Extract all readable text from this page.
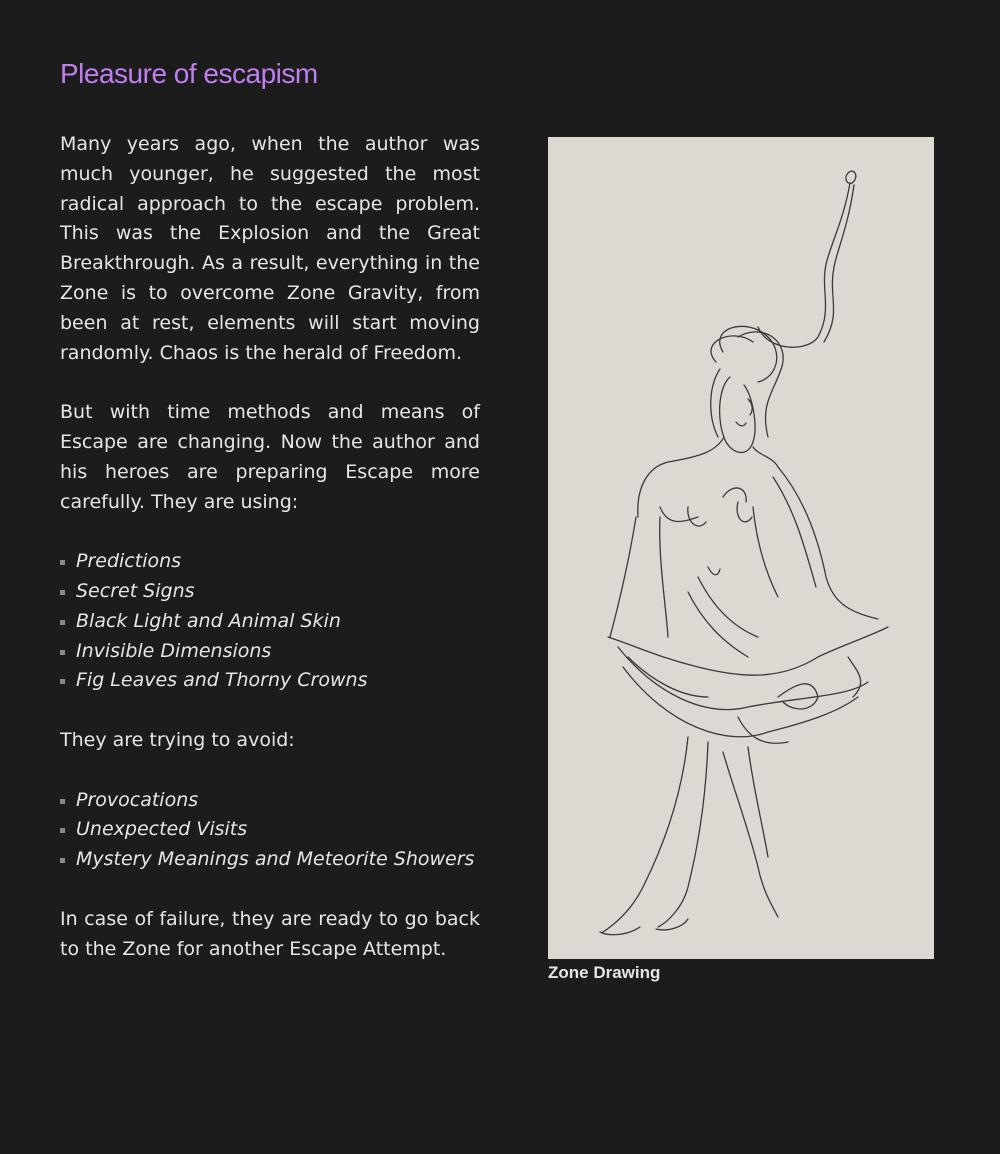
Pleasure of escapism

Many years ago, when the author was much younger, he suggested the most radical approach to the escape problem. This was the Explosion and the Great Breakthrough. As a result, everything in the Zone is to overcome Zone Gravity, from been at rest, elements will start moving randomly. Chaos is the herald of Freedom.

But with time methods and means of Escape are changing. Now the author and his heroes are preparing Escape more carefully. They are using:

Predictions
Secret Signs
Black Light and Animal Skin
Invisible Dimensions
Fig Leaves and Thorny Crowns

They are trying to avoid:

Provocations
Unexpected Visits
Mystery Meanings and Meteorite Showers

In case of failure, they are ready to go back to the Zone for another Escape Attempt.

Zone Drawing
